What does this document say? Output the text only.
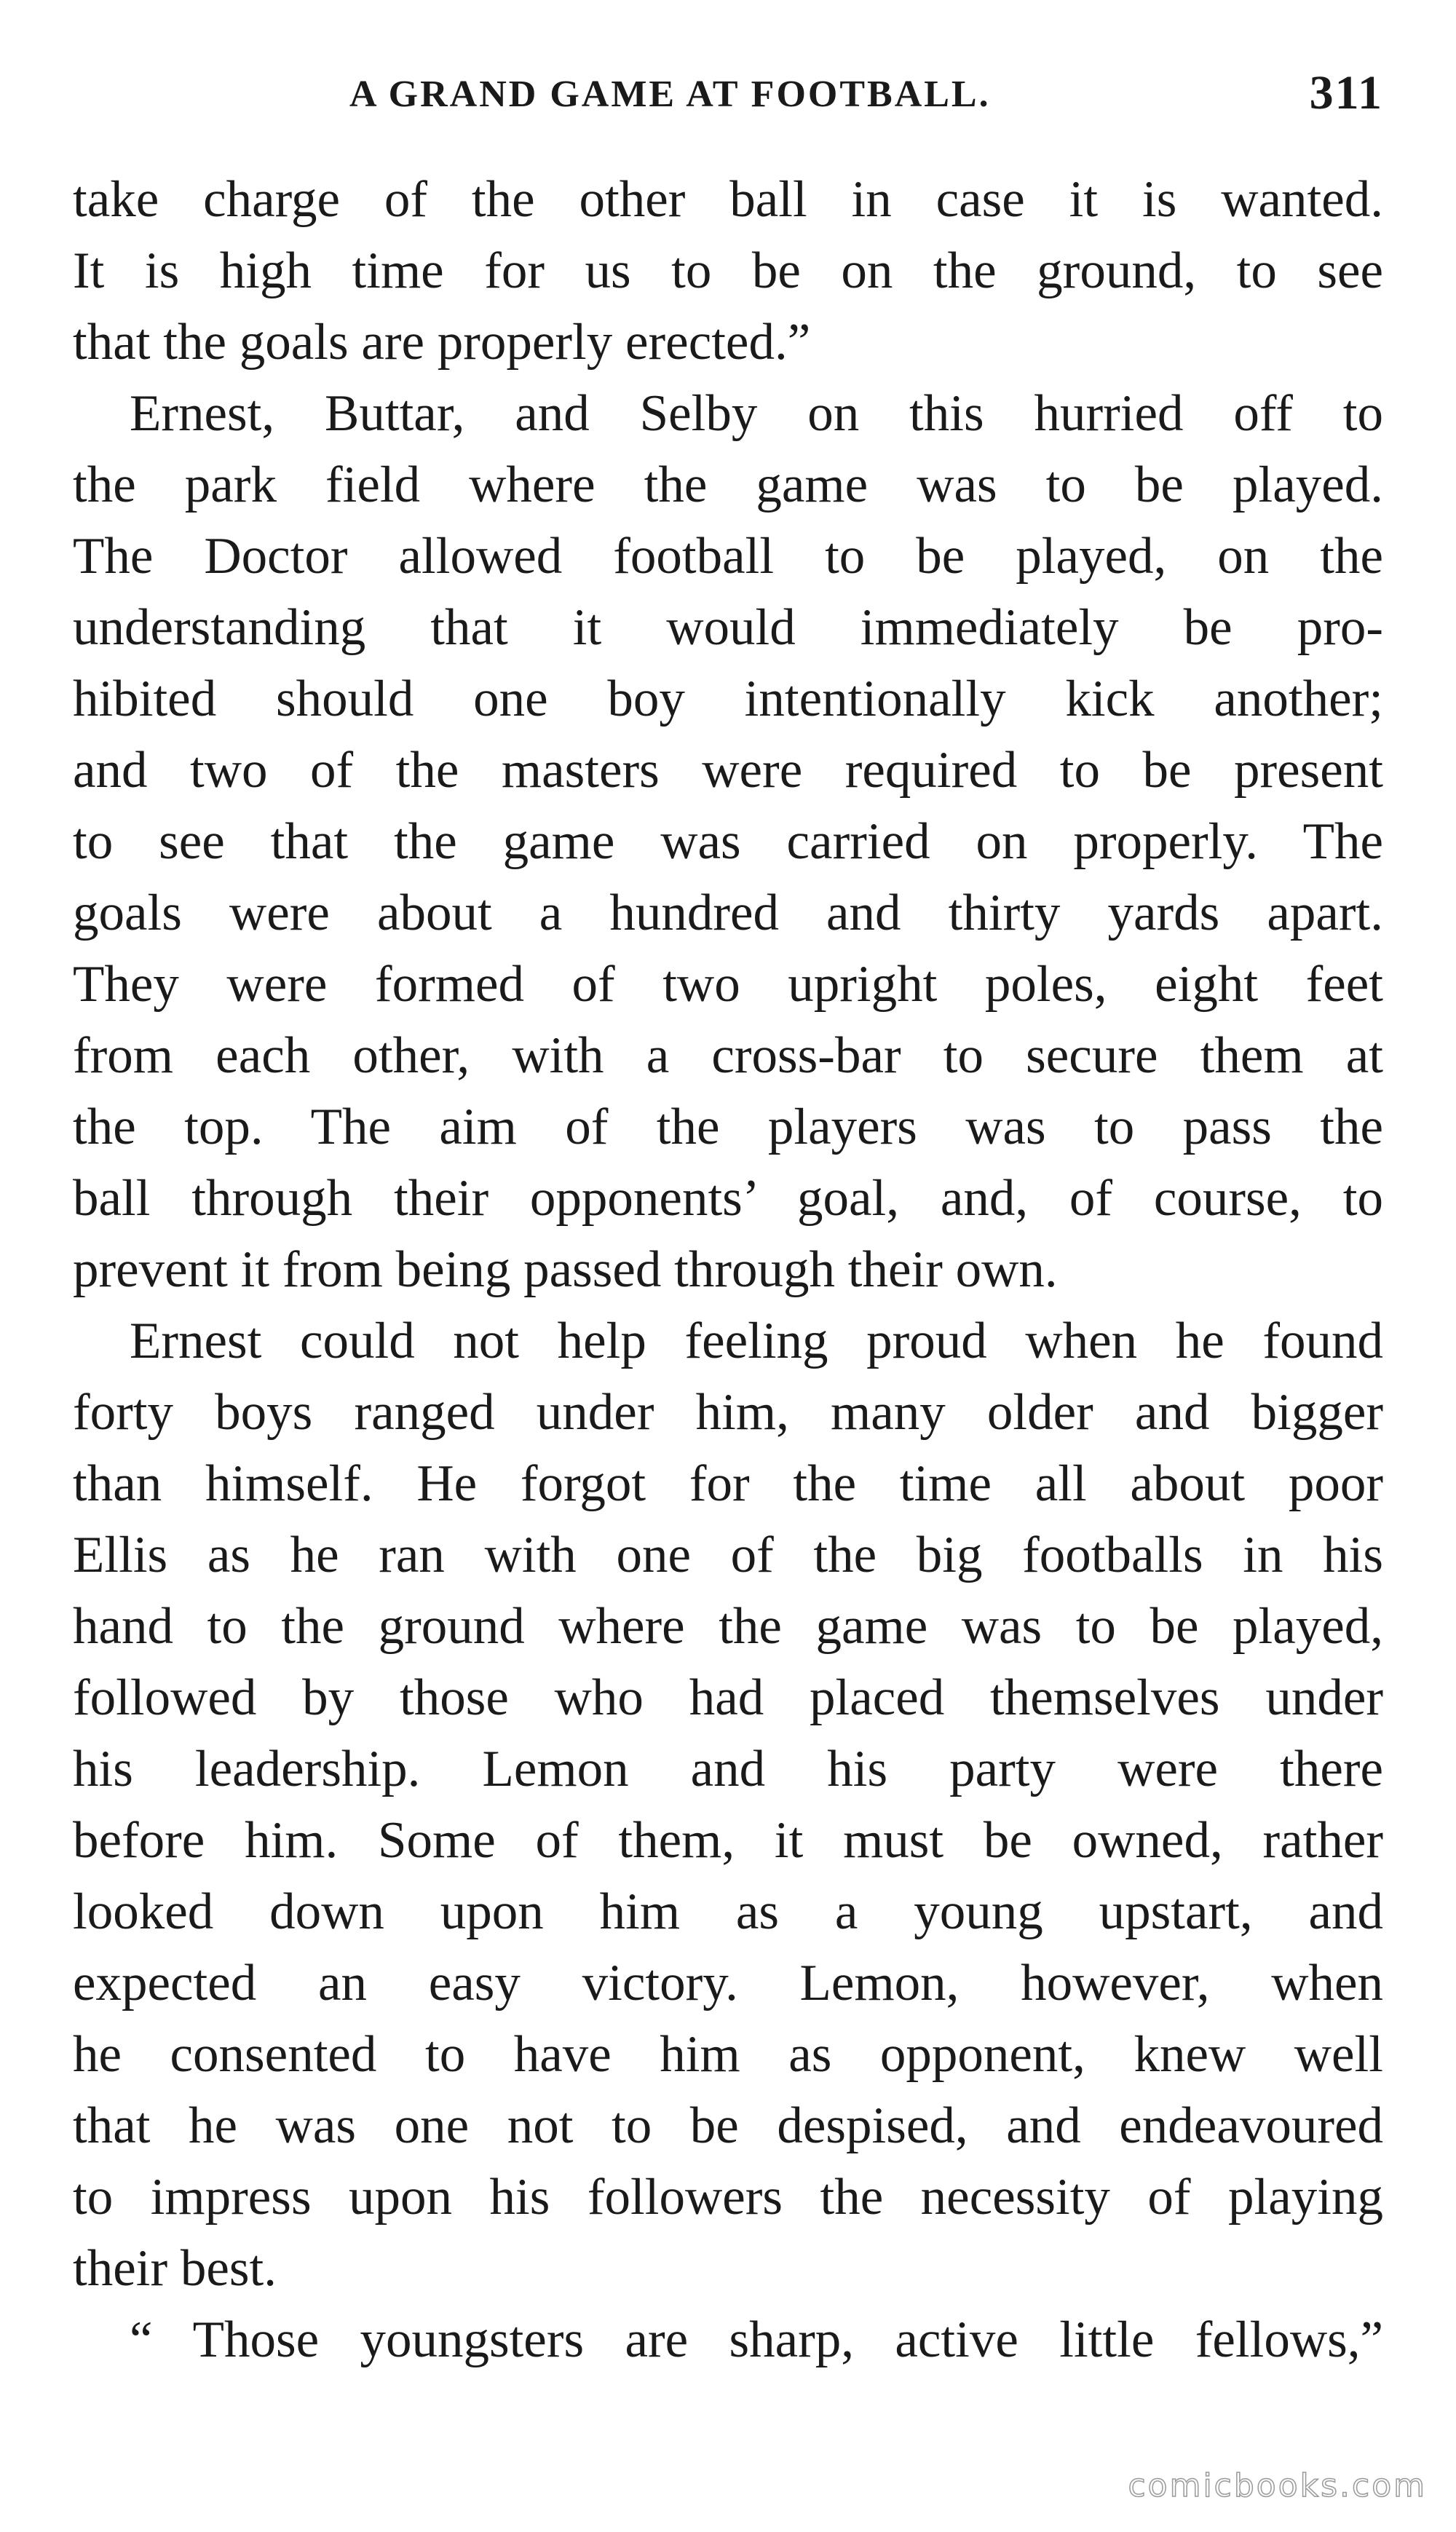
A GRAND GAME AT FOOTBALL.	311
take charge of the other ball in case it is wanted.
It is high time for us to be on the ground, to see
that the goals are properly erected.”
Ernest, Buttar, and Selby on this hurried off to
the park field where the game was to be played.
The Doctor allowed football to be played, on the
understanding that it would immediately be pro-
hibited should one boy intentionally kick another;
and two of the masters were required to be present
to see that the game was carried on properly. The
goals were about a hundred and thirty yards apart.
They were formed of two upright poles, eight feet
from each other, with a cross-bar to secure them at
the top. The aim of the players was to pass the
ball through their opponents’ goal, and, of course, to
prevent it from being passed through their own.
Ernest could not help feeling proud when he found
forty boys ranged under him, many older and bigger
than himself. He forgot for the time all about poor
Ellis as he ran with one of the big footballs in his
hand to the ground where the game was to be played,
followed by those who had placed themselves under
his leadership. Lemon and his party were there
before him. Some of them, it must be owned, rather
looked down upon him as a young upstart, and
expected an easy victory. Lemon, however, when
he consented to have him as opponent, knew well
that he was one not to be despised, and endeavoured
to impress upon his followers the necessity of playing
their best.
“ Those youngsters are sharp, active little fellows,”
comicbooks.com
